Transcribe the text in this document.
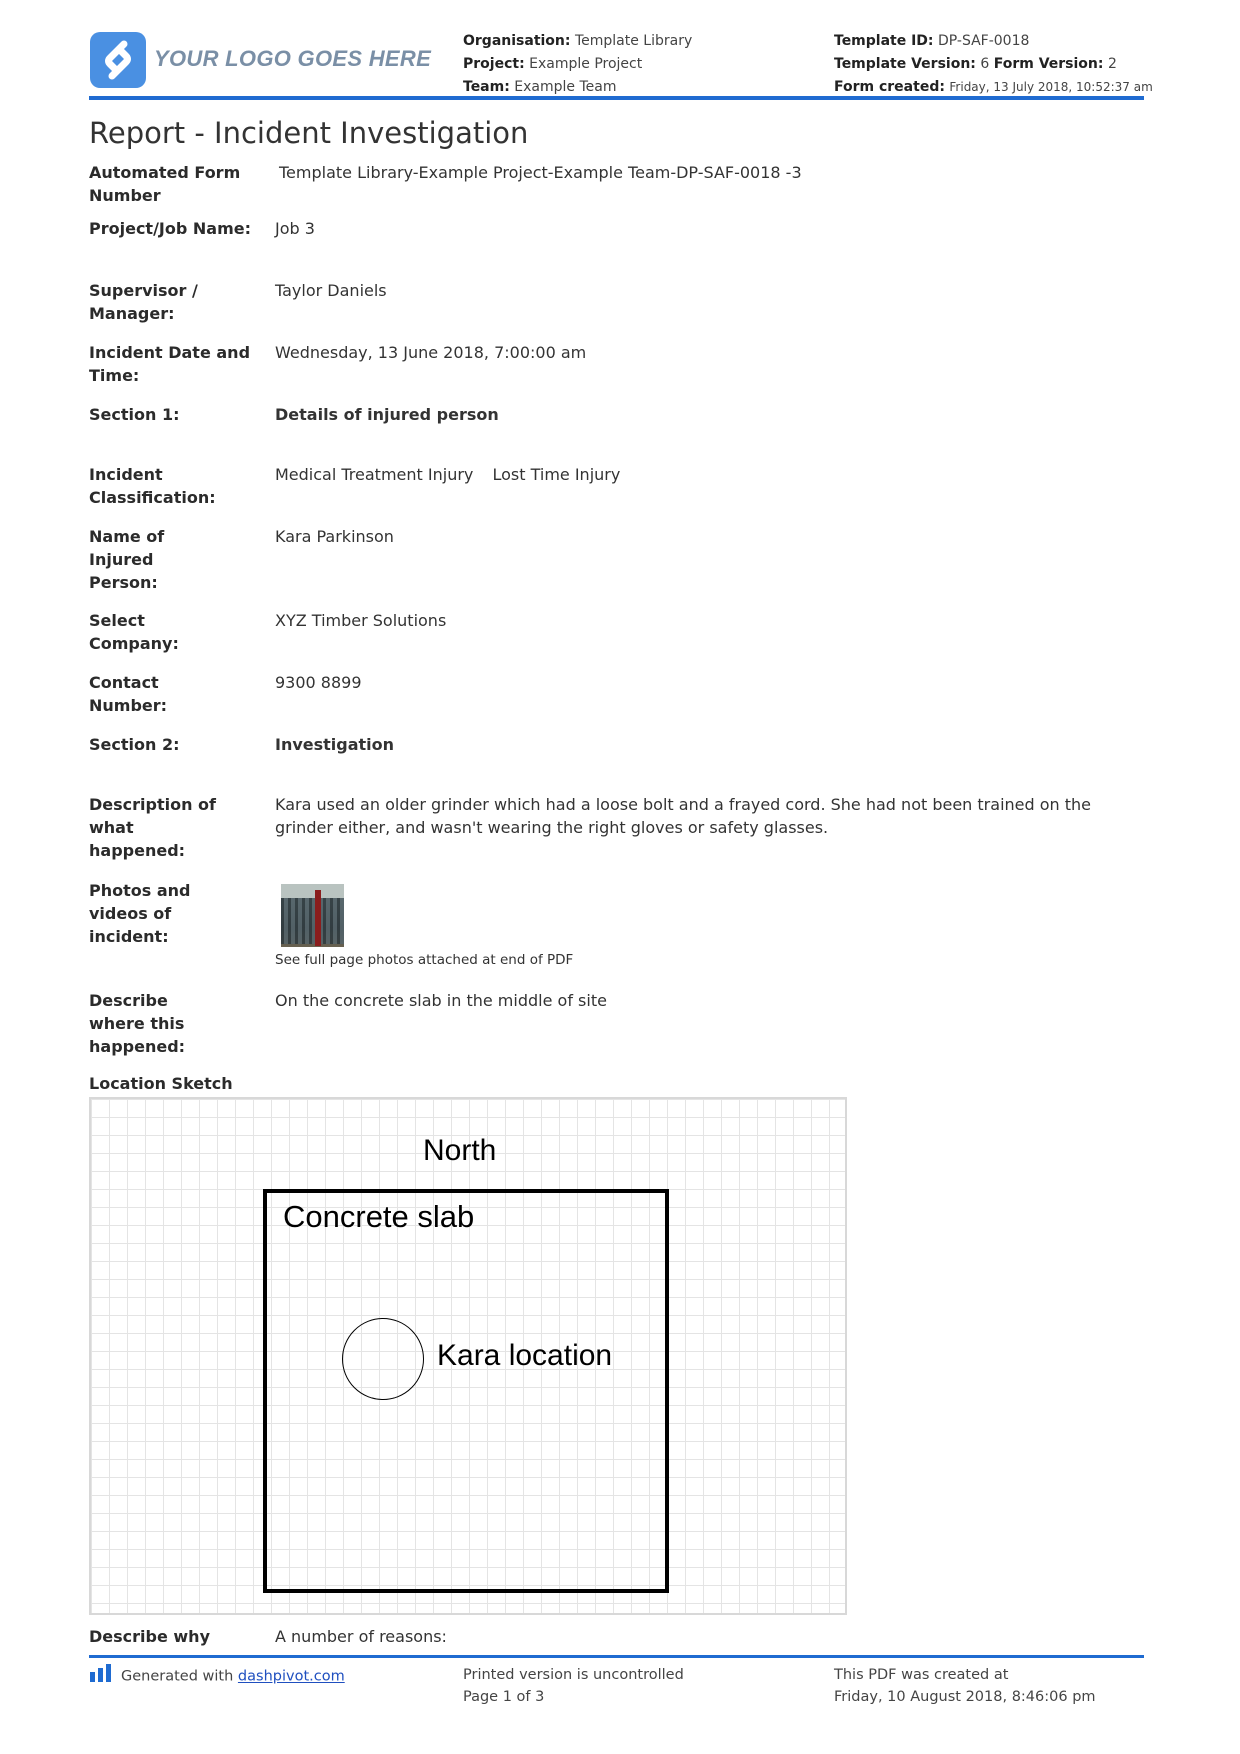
YOUR LOGO GOES HERE
Organisation: Template Library
Project: Example Project
Team: Example Team
Template ID: DP-SAF-0018
Template Version: 6 Form Version: 2
Form created: Friday, 13 July 2018, 10:52:37 am
Report - Incident Investigation
Automated Form Number
Template Library-Example Project-Example Team-DP-SAF-0018 -3
Project/Job Name:	Job 3
Supervisor / Manager:
Taylor Daniels
Incident Date and Time:
Wednesday, 13 June 2018, 7:00:00 am
Section 1:	Details of injured person
Incident Classification:
Medical Treatment Injury Lost Time Injury
Name of Injured Person:
Kara Parkinson
Select Company:
XYZ Timber Solutions
Contact Number:
9300 8899
Section 2:	Investigation
Description of what happened:
Kara used an older grinder which had a loose bolt and a frayed cord. She had not been trained on the grinder either, and wasn't wearing the right gloves or safety glasses.
Photos and videos of incident:
See full page photos attached at end of PDF
Describe where this happened:
On the concrete slab in the middle of site
Location Sketch
North
Concrete slab
Kara location
Describe why	A number of reasons:
Generated with dashpivot.com	Printed version is uncontrolled
Page 1 of 3
This PDF was created at
Friday, 10 August 2018, 8:46:06 pm
